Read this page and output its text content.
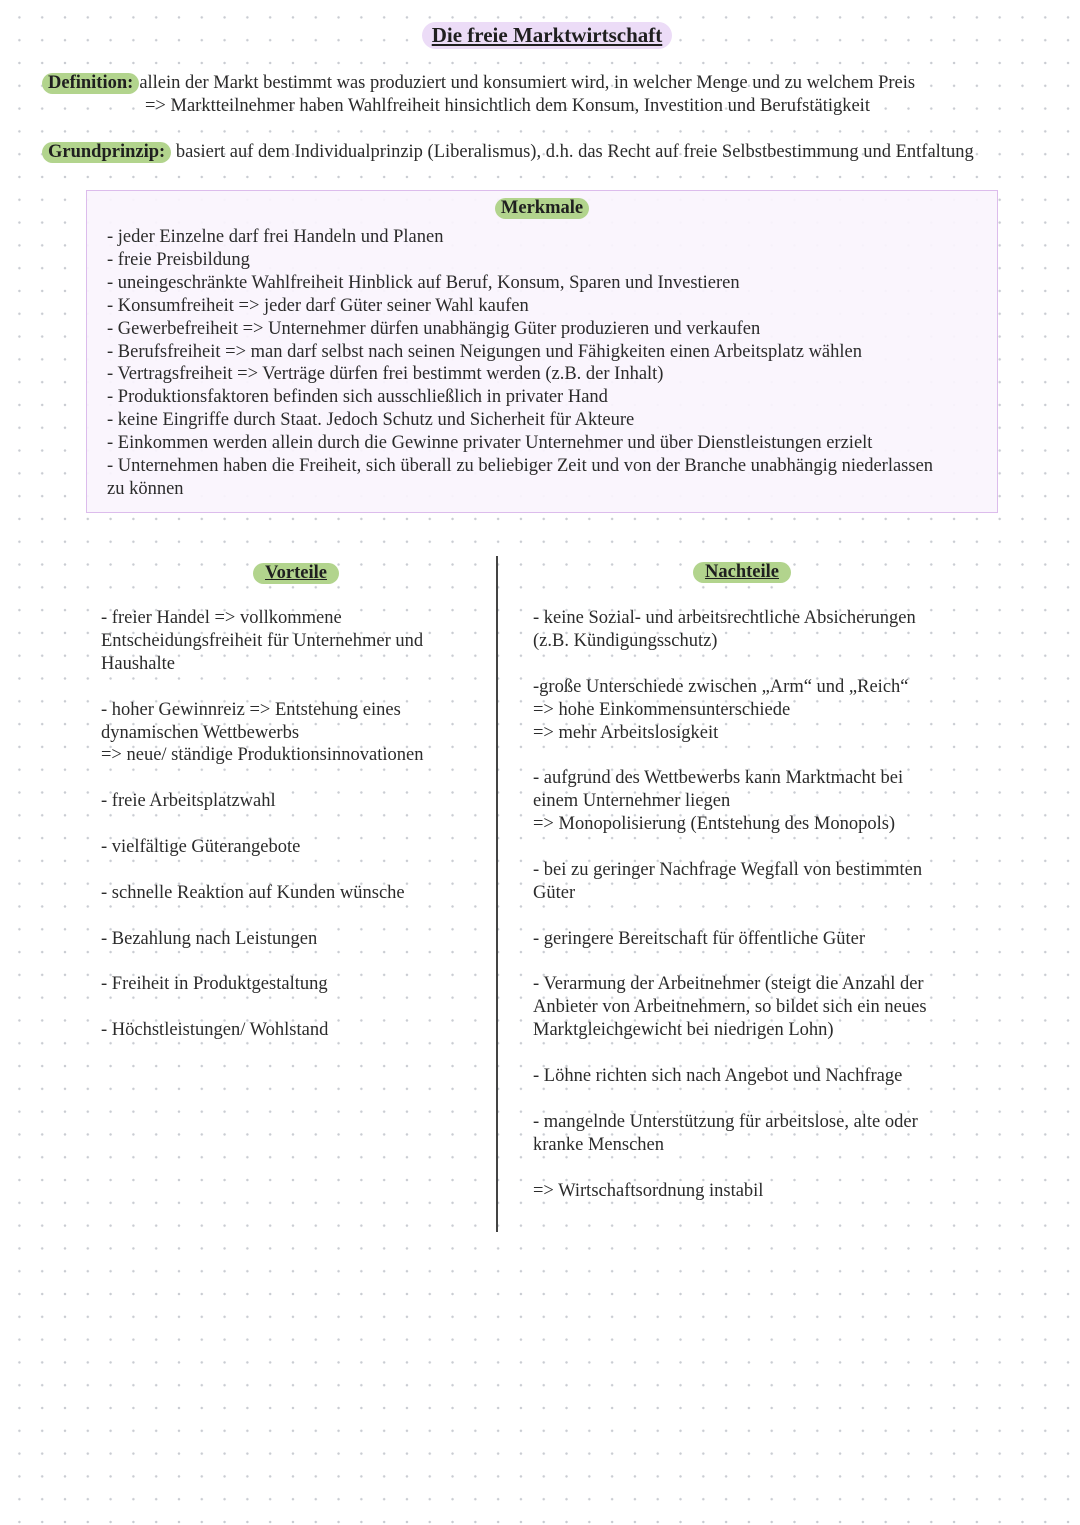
Die freie Marktwirtschaft
Definition: allein der Markt bestimmt was produziert und konsumiert wird, in welcher Menge und zu welchem Preis
=> Marktteilnehmer haben Wahlfreiheit hinsichtlich dem Konsum, Investition und Berufstätigkeit
Grundprinzip: basiert auf dem Individualprinzip (Liberalismus), d.h. das Recht auf freie Selbstbestimmung und Entfaltung
Merkmale
- jeder Einzelne darf frei Handeln und Planen
- freie Preisbildung
- uneingeschränkte Wahlfreiheit Hinblick auf Beruf, Konsum, Sparen und Investieren
- Konsumfreiheit => jeder darf Güter seiner Wahl kaufen
- Gewerbefreiheit => Unternehmer dürfen unabhängig Güter produzieren und verkaufen
- Berufsfreiheit => man darf selbst nach seinen Neigungen und Fähigkeiten einen Arbeitsplatz wählen
- Vertragsfreiheit => Verträge dürfen frei bestimmt werden (z.B. der Inhalt)
- Produktionsfaktoren befinden sich ausschließlich in privater Hand
- keine Eingriffe durch Staat. Jedoch Schutz und Sicherheit für Akteure
- Einkommen werden allein durch die Gewinne privater Unternehmer und über Dienstleistungen erzielt
- Unternehmen haben die Freiheit, sich überall zu beliebiger Zeit und von der Branche unabhängig niederlassen
zu können
Vorteile	Nachteile

- freier Handel => vollkommene
Entscheidungsfreiheit für Unternehmer und
Haushalte

- hoher Gewinnreiz => Entstehung eines
dynamischen Wettbewerbs
=> neue/ ständige Produktionsinnovationen

- freie Arbeitsplatzwahl

- vielfältige Güterangebote

- schnelle Reaktion auf Kunden wünsche

- Bezahlung nach Leistungen

- Freiheit in Produktgestaltung

- Höchstleistungen/ Wohlstand

- keine Sozial- und arbeitsrechtliche Absicherungen
(z.B. Kündigungsschutz)

-große Unterschiede zwischen „Arm“ und „Reich“
=> hohe Einkommensunterschiede
=> mehr Arbeitslosigkeit

- aufgrund des Wettbewerbs kann Marktmacht bei
einem Unternehmer liegen
=> Monopolisierung (Entstehung des Monopols)

- bei zu geringer Nachfrage Wegfall von bestimmten
Güter

- geringere Bereitschaft für öffentliche Güter

- Verarmung der Arbeitnehmer (steigt die Anzahl der
Anbieter von Arbeitnehmern, so bildet sich ein neues
Marktgleichgewicht bei niedrigen Lohn)

- Löhne richten sich nach Angebot und Nachfrage

- mangelnde Unterstützung für arbeitslose, alte oder
kranke Menschen

=> Wirtschaftsordnung instabil
